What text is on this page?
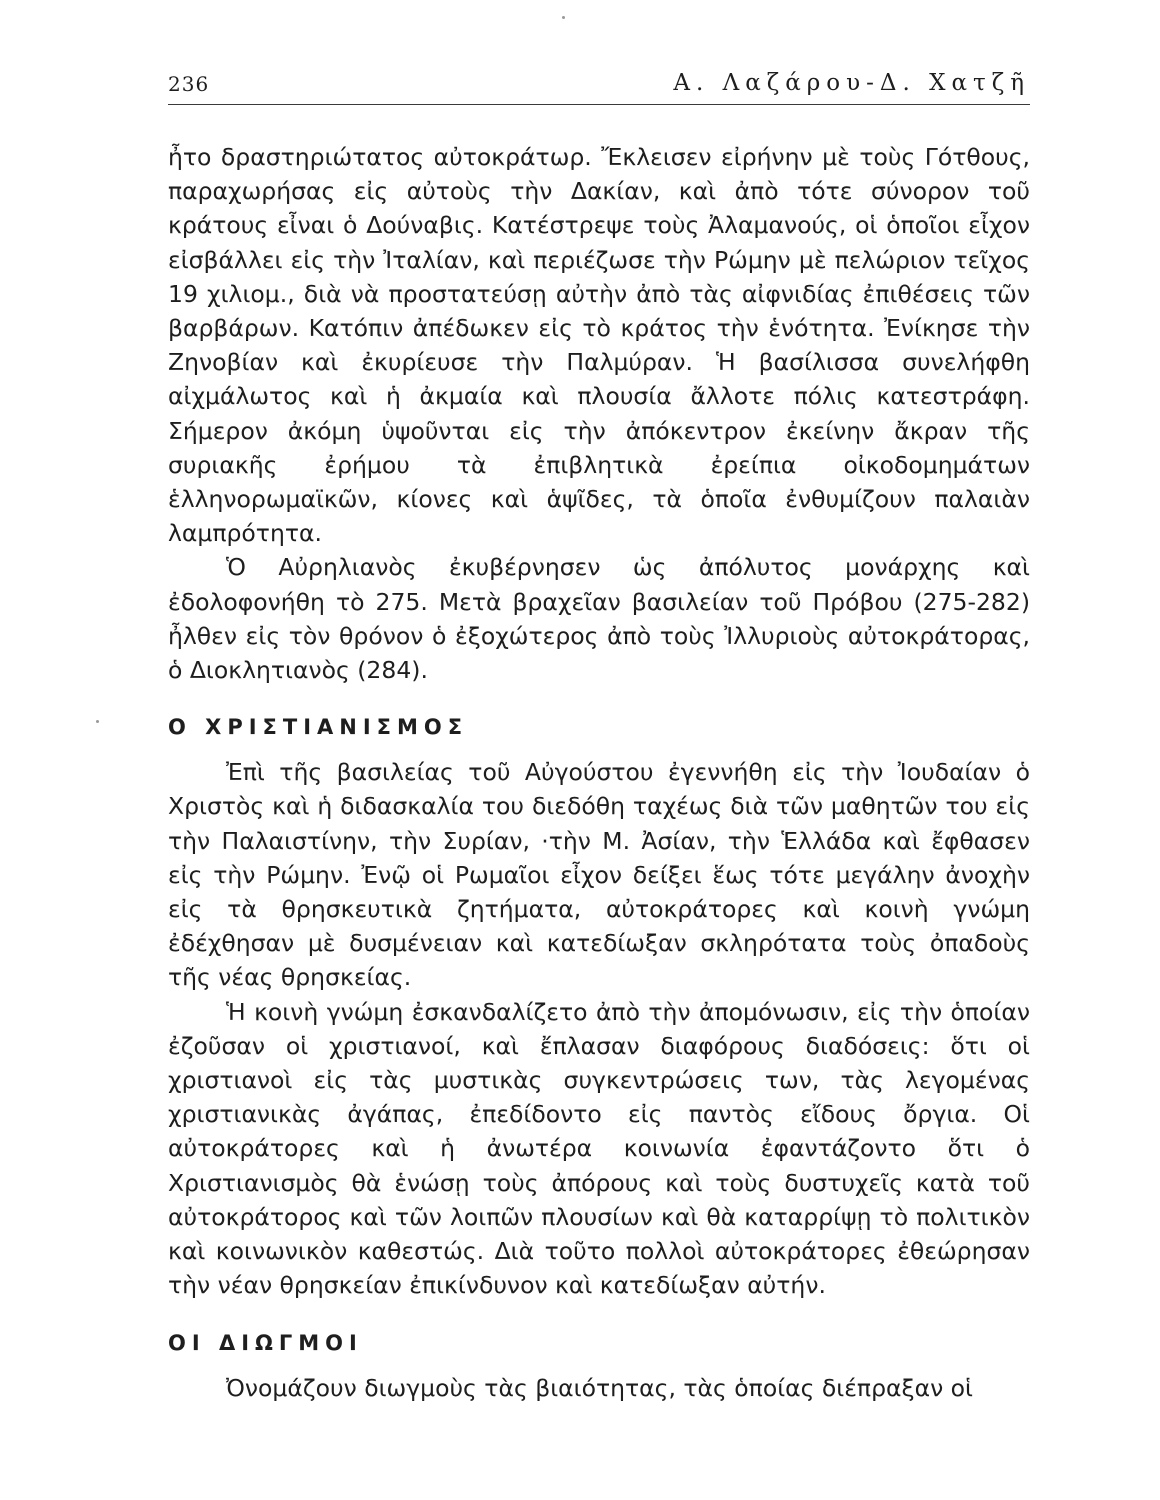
236	Α. Λαζάρου-Δ. Χατζῆ

ἦτο δραστηριώτατος αὐτοκράτωρ. Ἔκλεισεν εἰρήνην μὲ τοὺς Γότθους, παραχωρήσας εἰς αὐτοὺς τὴν Δακίαν, καὶ ἀπὸ τότε σύνορον τοῦ κράτους εἶναι ὁ Δούναβις. Κατέστρεψε τοὺς Ἀλαμανούς, οἱ ὁποῖοι εἶχον εἰσβάλλει εἰς τὴν Ἰταλίαν, καὶ περιέζωσε τὴν Ρώμην μὲ πελώριον τεῖχος 19 χιλιομ., διὰ νὰ προστατεύσῃ αὐτὴν ἀπὸ τὰς αἰφνιδίας ἐπιθέσεις τῶν βαρβάρων. Κατόπιν ἀπέδωκεν εἰς τὸ κράτος τὴν ἑνότητα. Ἐνίκησε τὴν Ζηνοβίαν καὶ ἐκυρίευσε τὴν Παλμύραν. Ἡ βασίλισσα συνελήφθη αἰχμάλωτος καὶ ἡ ἀκμαία καὶ πλουσία ἄλλοτε πόλις κατεστράφη. Σήμερον ἀκόμη ὑψοῦνται εἰς τὴν ἀπόκεντρον ἐκείνην ἄκραν τῆς συριακῆς ἐρήμου τὰ ἐπιβλητικὰ ἐρείπια οἰκοδομημάτων ἑλληνορωμαϊκῶν, κίονες καὶ ἁψῖδες, τὰ ὁποῖα ἐνθυμίζουν παλαιὰν λαμπρότητα.

Ὁ Αὐρηλιανὸς ἐκυβέρνησεν ὡς ἀπόλυτος μονάρχης καὶ ἐδολοφονήθη τὸ 275. Μετὰ βραχεῖαν βασιλείαν τοῦ Πρόβου (275-282) ἦλθεν εἰς τὸν θρόνον ὁ ἐξοχώτερος ἀπὸ τοὺς Ἰλλυριοὺς αὐτοκράτορας, ὁ Διοκλητιανὸς (284).

Ο ΧΡΙΣΤΙΑΝΙΣΜΟΣ

Ἐπὶ τῆς βασιλείας τοῦ Αὐγούστου ἐγεννήθη εἰς τὴν Ἰουδαίαν ὁ Χριστὸς καὶ ἡ διδασκαλία του διεδόθη ταχέως διὰ τῶν μαθητῶν του εἰς τὴν Παλαιστίνην, τὴν Συρίαν, ·τὴν Μ. Ἀσίαν, τὴν Ἑλλάδα καὶ ἔφθασεν εἰς τὴν Ρώμην. Ἐνῷ οἱ Ρωμαῖοι εἶχον δείξει ἕως τότε μεγάλην ἀνοχὴν εἰς τὰ θρησκευτικὰ ζητήματα, αὐτοκράτορες καὶ κοινὴ γνώμη ἐδέχθησαν μὲ δυσμένειαν καὶ κατεδίωξαν σκληρότατα τοὺς ὀπαδοὺς τῆς νέας θρησκείας.

Ἡ κοινὴ γνώμη ἐσκανδαλίζετο ἀπὸ τὴν ἀπομόνωσιν, εἰς τὴν ὁποίαν ἐζοῦσαν οἱ χριστιανοί, καὶ ἔπλασαν διαφόρους διαδόσεις: ὅτι οἱ χριστιανοὶ εἰς τὰς μυστικὰς συγκεντρώσεις των, τὰς λεγομένας χριστιανικὰς ἀγάπας, ἐπεδίδοντο εἰς παντὸς εἴδους ὄργια. Οἱ αὐτοκράτορες καὶ ἡ ἀνωτέρα κοινωνία ἐφαντάζοντο ὅτι ὁ Χριστιανισμὸς θὰ ἑνώσῃ τοὺς ἀπόρους καὶ τοὺς δυστυχεῖς κατὰ τοῦ αὐτοκράτορος καὶ τῶν λοιπῶν πλουσίων καὶ θὰ καταρρίψῃ τὸ πολιτικὸν καὶ κοινωνικὸν καθεστώς. Διὰ τοῦτο πολλοὶ αὐτοκράτορες ἐθεώρησαν τὴν νέαν θρησκείαν ἐπικίνδυνον καὶ κατεδίωξαν αὐτήν.

ΟΙ ΔΙΩΓΜΟΙ

Ὀνομάζουν διωγμοὺς τὰς βιαιότητας, τὰς ὁποίας διέπραξαν οἱ
